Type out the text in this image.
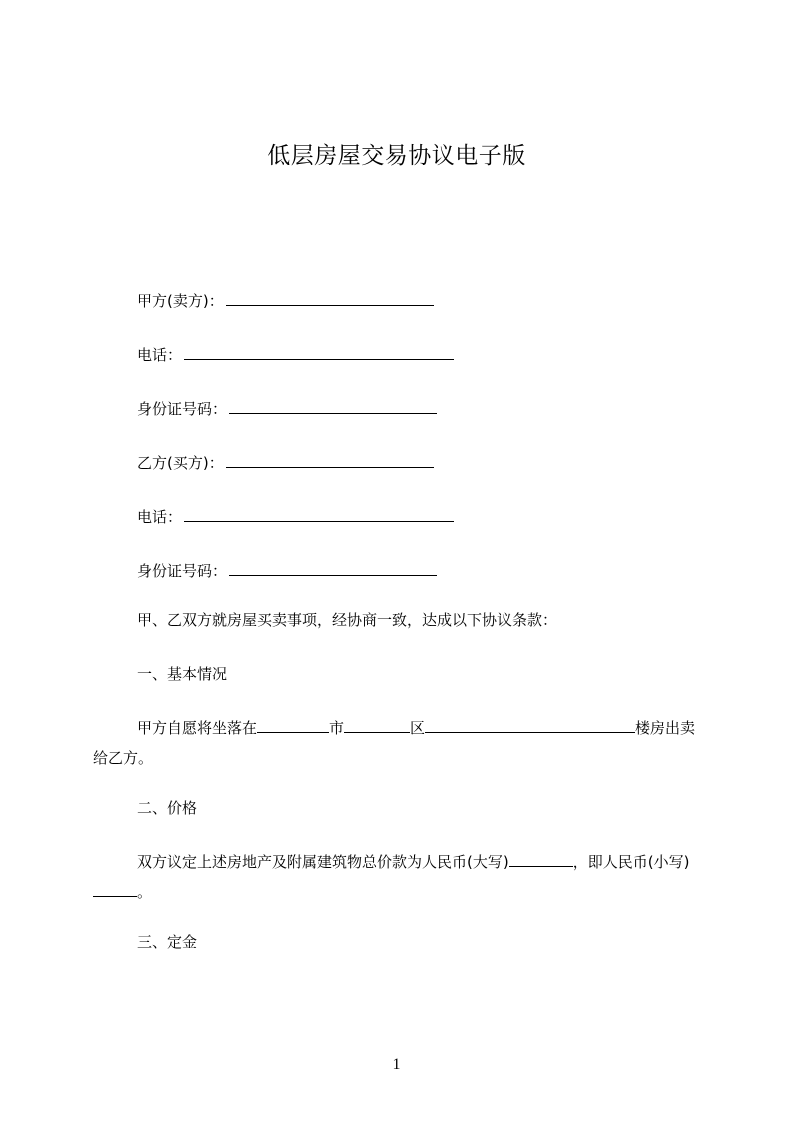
低层房屋交易协议电子版
甲方(卖方)：
电话：
身份证号码：
乙方(买方)：
电话：
身份证号码：
甲、乙双方就房屋买卖事项，经协商一致，达成以下协议条款：
一、基本情况
甲方自愿将坐落在	市	区	楼房出卖给乙方。
二、价格
双方议定上述房地产及附属建筑物总价款为人民币(大写)	，即人民币(小写)。
三、定金
1
